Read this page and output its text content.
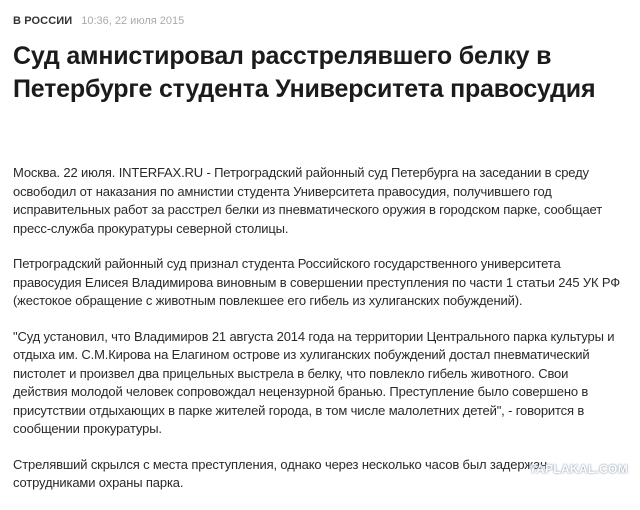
В РОССИИ 10:36, 22 июля 2015
Суд амнистировал расстрелявшего белку в Петербурге студента Университета правосудия

Москва. 22 июля. INTERFAX.RU - Петроградский районный суд Петербурга на заседании в среду освободил от наказания по амнистии студента Университета правосудия, получившего год исправительных работ за расстрел белки из пневматического оружия в городском парке, сообщает пресс-служба прокуратуры северной столицы.

Петроградский районный суд признал студента Российского государственного университета правосудия Елисея Владимирова виновным в совершении преступления по части 1 статьи 245 УК РФ (жестокое обращение с животным повлекшее его гибель из хулиганских побуждений).

"Суд установил, что Владимиров 21 августа 2014 года на территории Центрального парка культуры и отдыха им. С.М.Кирова на Елагином острове из хулиганских побуждений достал пневматический пистолет и произвел два прицельных выстрела в белку, что повлекло гибель животного. Свои действия молодой человек сопровождал нецензурной бранью. Преступление было совершено в присутствии отдыхающих в парке жителей города, в том числе малолетних детей", - говорится в сообщении прокуратуры.

Стрелявший скрылся с места преступления, однако через несколько часов был задержан сотрудниками охраны парка.

YAPLAKAL.COM
